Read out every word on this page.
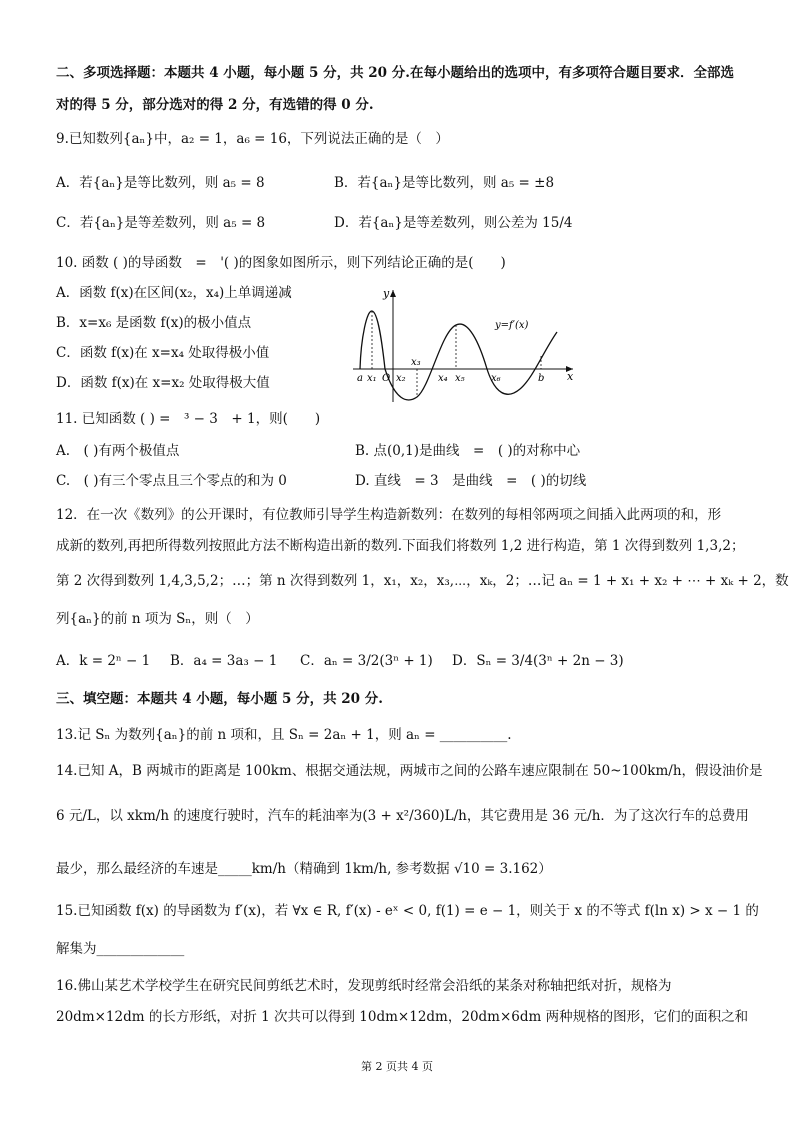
二、多项选择题：本题共 4 小题，每小题 5 分，共 20 分.在每小题给出的选项中，有多项符合题目要求．全部选
对的得 5 分，部分选对的得 2 分，有选错的得 0 分.
9.已知数列{aₙ}中，a₂ = 1，a₆ = 16，下列说法正确的是（　）
A．若{aₙ}是等比数列，则 a₅ = 8	B．若{aₙ}是等比数列，则 a₅ = ±8
C．若{aₙ}是等差数列，则 a₅ = 8	D．若{aₙ}是等差数列，则公差为 15/4
10. 函数 ( )的导函数　=　'( )的图象如图所示，则下列结论正确的是(　　)
A．函数 f(x)在区间(x₂，x₄)上单调递减
B．x=x₆ 是函数 f(x)的极小值点
C．函数 f(x)在 x=x₄ 处取得极小值
D．函数 f(x)在 x=x₂ 处取得极大值
y
x
y=f′(x)
a x₁ O x₂
x₃
x₄ x₅	x₆	b
11. 已知函数 ( ) =　³ − 3　+ 1，则(　　)
A.　( )有两个极值点	B. 点(0,1)是曲线　=　( )的对称中心
C.　( )有三个零点且三个零点的和为 0	D. 直线　= 3　是曲线　=　( )的切线
12．在一次《数列》的公开课时，有位教师引导学生构造新数列：在数列的每相邻两项之间插入此两项的和，形
成新的数列,再把所得数列按照此方法不断构造出新的数列.下面我们将数列 1,2 进行构造，第 1 次得到数列 1,3,2；
第 2 次得到数列 1,4,3,5,2；…；第 n 次得到数列 1，x₁，x₂，x₃,⋯，xₖ，2；…记 aₙ = 1 + x₁ + x₂ + ⋯ + xₖ + 2，数
列{aₙ}的前 n 项为 Sₙ，则（　）
A．k = 2ⁿ − 1 B．a₄ = 3a₃ − 1 C．aₙ = 3/2(3ⁿ + 1) D．Sₙ = 3/4(3ⁿ + 2n − 3)
三、填空题：本题共 4 小题，每小题 5 分，共 20 分.
13.记 Sₙ 为数列{aₙ}的前 n 项和，且 Sₙ = 2aₙ + 1，则 aₙ = __________.
14.已知 A，B 两城市的距离是 100km、根据交通法规，两城市之间的公路车速应限制在 50~100km/h，假设油价是
6 元/L，以 xkm/h 的速度行驶时，汽车的耗油率为(3 + x²/360)L/h，其它费用是 36 元/h．为了这次行车的总费用
最少，那么最经济的车速是_____km/h（精确到 1km/h, 参考数据 √10 = 3.162）
15.已知函数 f(x) 的导函数为 f′(x)，若 ∀x ∈ R, f′(x) - eˣ < 0, f(1) = e − 1，则关于 x 的不等式 f(ln x) > x − 1 的
解集为_____________
16.佛山某艺术学校学生在研究民间剪纸艺术时，发现剪纸时经常会沿纸的某条对称轴把纸对折，规格为
20dm×12dm 的长方形纸，对折 1 次共可以得到 10dm×12dm，20dm×6dm 两种规格的图形，它们的面积之和
第 2 页共 4 页
